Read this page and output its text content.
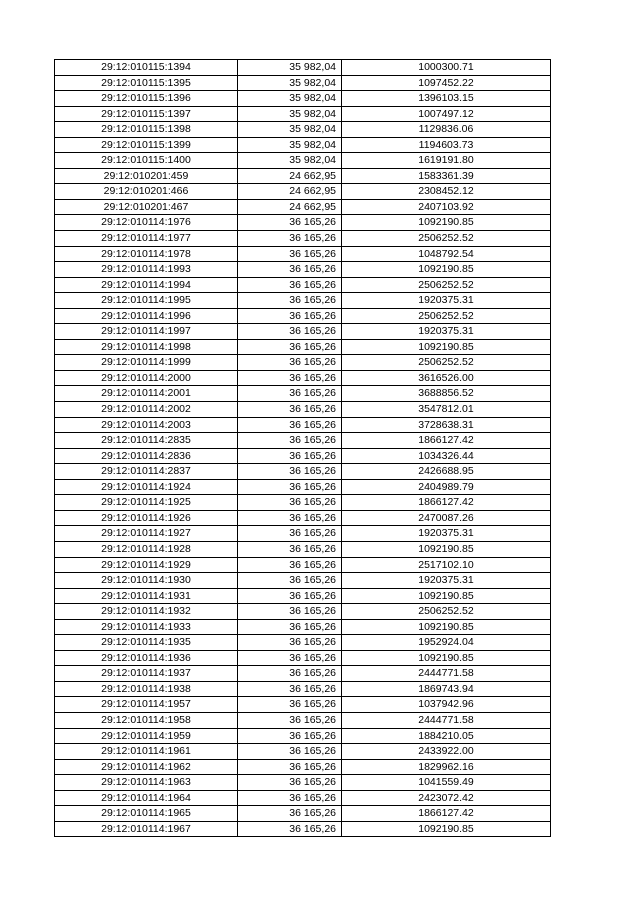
29:12:010115:1394	35 982,04	1000300.71
29:12:010115:1395	35 982,04	1097452.22
29:12:010115:1396	35 982,04	1396103.15
29:12:010115:1397	35 982,04	1007497.12
29:12:010115:1398	35 982,04	1129836.06
29:12:010115:1399	35 982,04	1194603.73
29:12:010115:1400	35 982,04	1619191.80
29:12:010201:459	24 662,95	1583361.39
29:12:010201:466	24 662,95	2308452.12
29:12:010201:467	24 662,95	2407103.92
29:12:010114:1976	36 165,26	1092190.85
29:12:010114:1977	36 165,26	2506252.52
29:12:010114:1978	36 165,26	1048792.54
29:12:010114:1993	36 165,26	1092190.85
29:12:010114:1994	36 165,26	2506252.52
29:12:010114:1995	36 165,26	1920375.31
29:12:010114:1996	36 165,26	2506252.52
29:12:010114:1997	36 165,26	1920375.31
29:12:010114:1998	36 165,26	1092190.85
29:12:010114:1999	36 165,26	2506252.52
29:12:010114:2000	36 165,26	3616526.00
29:12:010114:2001	36 165,26	3688856.52
29:12:010114:2002	36 165,26	3547812.01
29:12:010114:2003	36 165,26	3728638.31
29:12:010114:2835	36 165,26	1866127.42
29:12:010114:2836	36 165,26	1034326.44
29:12:010114:2837	36 165,26	2426688.95
29:12:010114:1924	36 165,26	2404989.79
29:12:010114:1925	36 165,26	1866127.42
29:12:010114:1926	36 165,26	2470087.26
29:12:010114:1927	36 165,26	1920375.31
29:12:010114:1928	36 165,26	1092190.85
29:12:010114:1929	36 165,26	2517102.10
29:12:010114:1930	36 165,26	1920375.31
29:12:010114:1931	36 165,26	1092190.85
29:12:010114:1932	36 165,26	2506252.52
29:12:010114:1933	36 165,26	1092190.85
29:12:010114:1935	36 165,26	1952924.04
29:12:010114:1936	36 165,26	1092190.85
29:12:010114:1937	36 165,26	2444771.58
29:12:010114:1938	36 165,26	1869743.94
29:12:010114:1957	36 165,26	1037942.96
29:12:010114:1958	36 165,26	2444771.58
29:12:010114:1959	36 165,26	1884210.05
29:12:010114:1961	36 165,26	2433922.00
29:12:010114:1962	36 165,26	1829962.16
29:12:010114:1963	36 165,26	1041559.49
29:12:010114:1964	36 165,26	2423072.42
29:12:010114:1965	36 165,26	1866127.42
29:12:010114:1967	36 165,26	1092190.85
